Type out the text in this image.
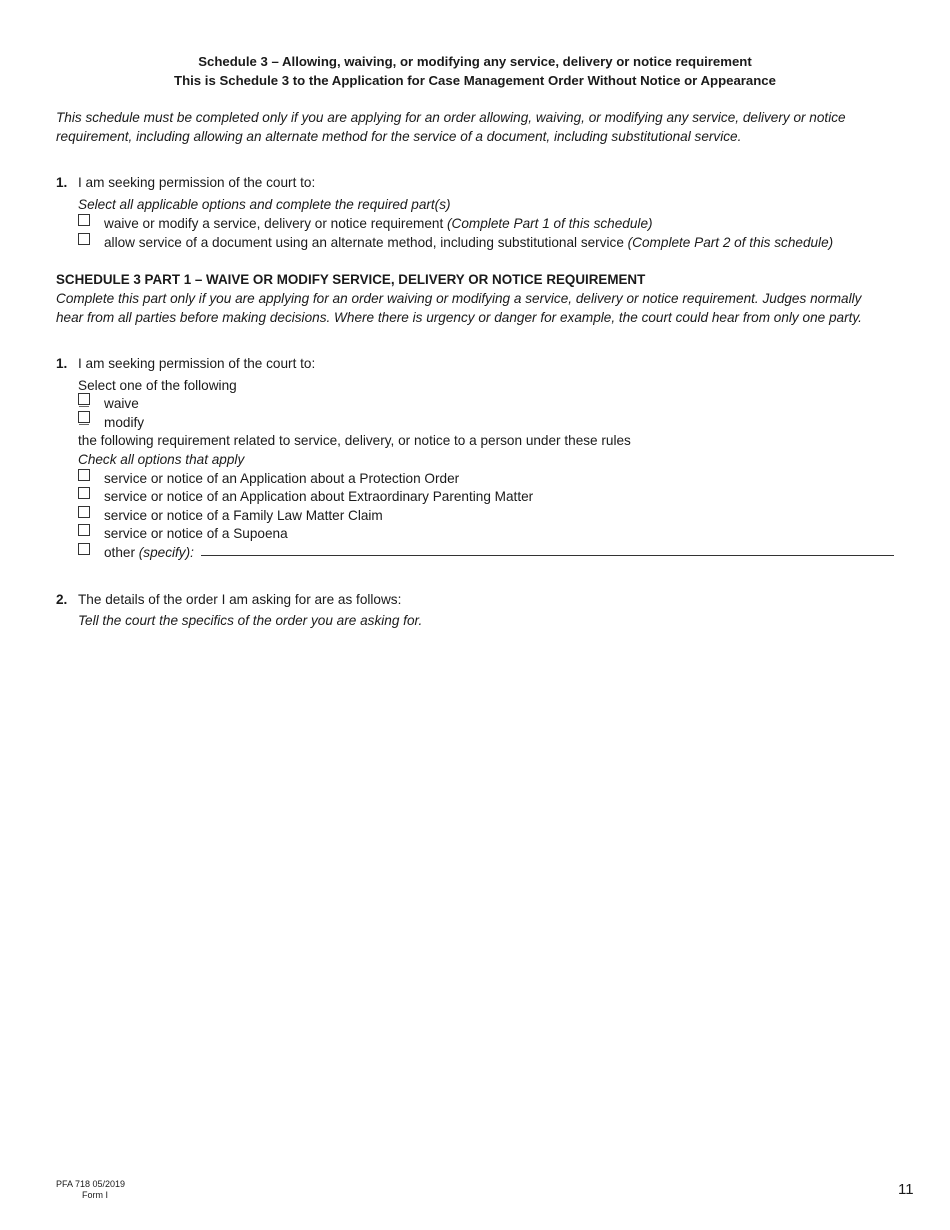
Schedule 3 – Allowing, waiving, or modifying any service, delivery or notice requirement
This is Schedule 3 to the Application for Case Management Order Without Notice or Appearance
This schedule must be completed only if you are applying for an order allowing, waiving, or modifying any service, delivery or notice
requirement, including allowing an alternate method for the service of a document, including substitutional service.
1. I am seeking permission of the court to:
Select all applicable options and complete the required part(s)
waive or modify a service, delivery or notice requirement (Complete Part 1 of this schedule)
allow service of a document using an alternate method, including substitutional service (Complete Part 2 of this schedule)
SCHEDULE 3 PART 1 – WAIVE OR MODIFY SERVICE, DELIVERY OR NOTICE REQUIREMENT
Complete this part only if you are applying for an order waiving or modifying a service, delivery or notice requirement. Judges normally
hear from all parties before making decisions. Where there is urgency or danger for example, the court could hear from only one party.
1. I am seeking permission of the court to:
Select one of the following
waive
modify
the following requirement related to service, delivery, or notice to a person under these rules
Check all options that apply
service or notice of an Application about a Protection Order
service or notice of an Application about Extraordinary Parenting Matter
service or notice of a Family Law Matter Claim
service or notice of a Supoena
other (specify):
2. The details of the order I am asking for are as follows:
Tell the court the specifics of the order you are asking for.
PFA 718 05/2019
Form I	11
